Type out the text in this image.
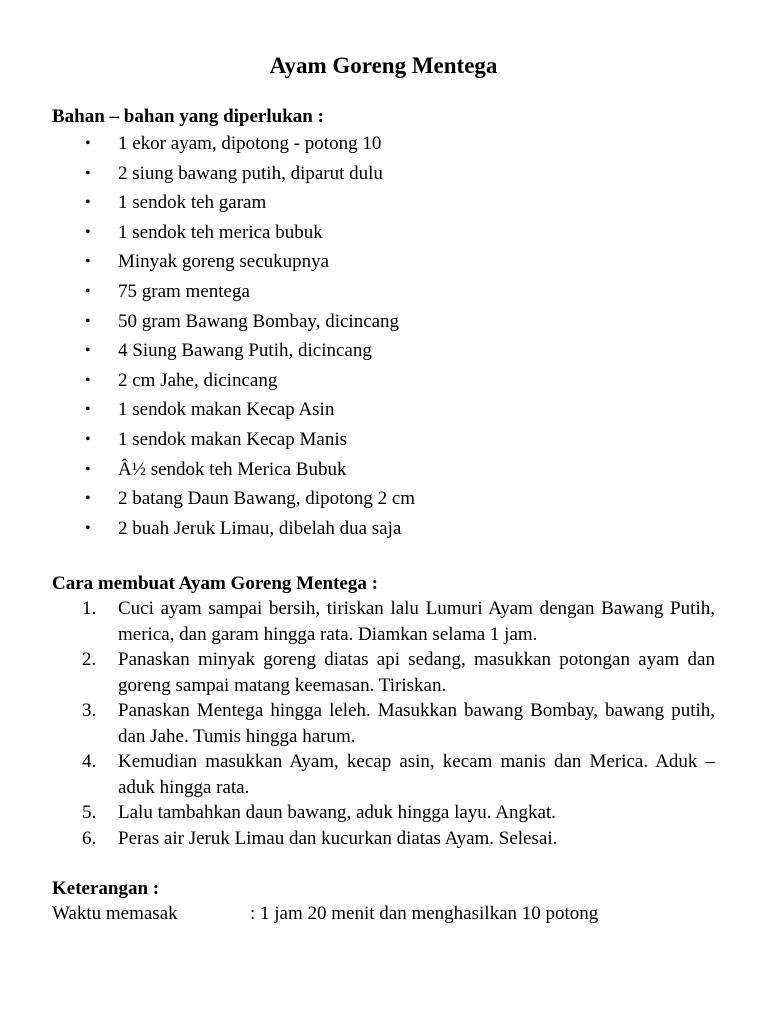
Ayam Goreng Mentega

Bahan – bahan yang diperlukan :

• 1 ekor ayam, dipotong - potong 10
• 2 siung bawang putih, diparut dulu
• 1 sendok teh garam
• 1 sendok teh merica bubuk
• Minyak goreng secukupnya
• 75 gram mentega
• 50 gram Bawang Bombay, dicincang
• 4 Siung Bawang Putih, dicincang
• 2 cm Jahe, dicincang
• 1 sendok makan Kecap Asin
• 1 sendok makan Kecap Manis
• Â½ sendok teh Merica Bubuk
• 2 batang Daun Bawang, dipotong 2 cm
• 2 buah Jeruk Limau, dibelah dua saja

Cara membuat Ayam Goreng Mentega :

1. Cuci ayam sampai bersih, tiriskan lalu Lumuri Ayam dengan Bawang Putih, merica, dan garam hingga rata. Diamkan selama 1 jam.
2. Panaskan minyak goreng diatas api sedang, masukkan potongan ayam dan goreng sampai matang keemasan. Tiriskan.
3. Panaskan Mentega hingga leleh. Masukkan bawang Bombay, bawang putih, dan Jahe. Tumis hingga harum.
4. Kemudian masukkan Ayam, kecap asin, kecam manis dan Merica. Aduk – aduk hingga rata.
5. Lalu tambahkan daun bawang, aduk hingga layu. Angkat.
6. Peras air Jeruk Limau dan kucurkan diatas Ayam. Selesai.

Keterangan :

Waktu memasak	: 1 jam 20 menit dan menghasilkan 10 potong
